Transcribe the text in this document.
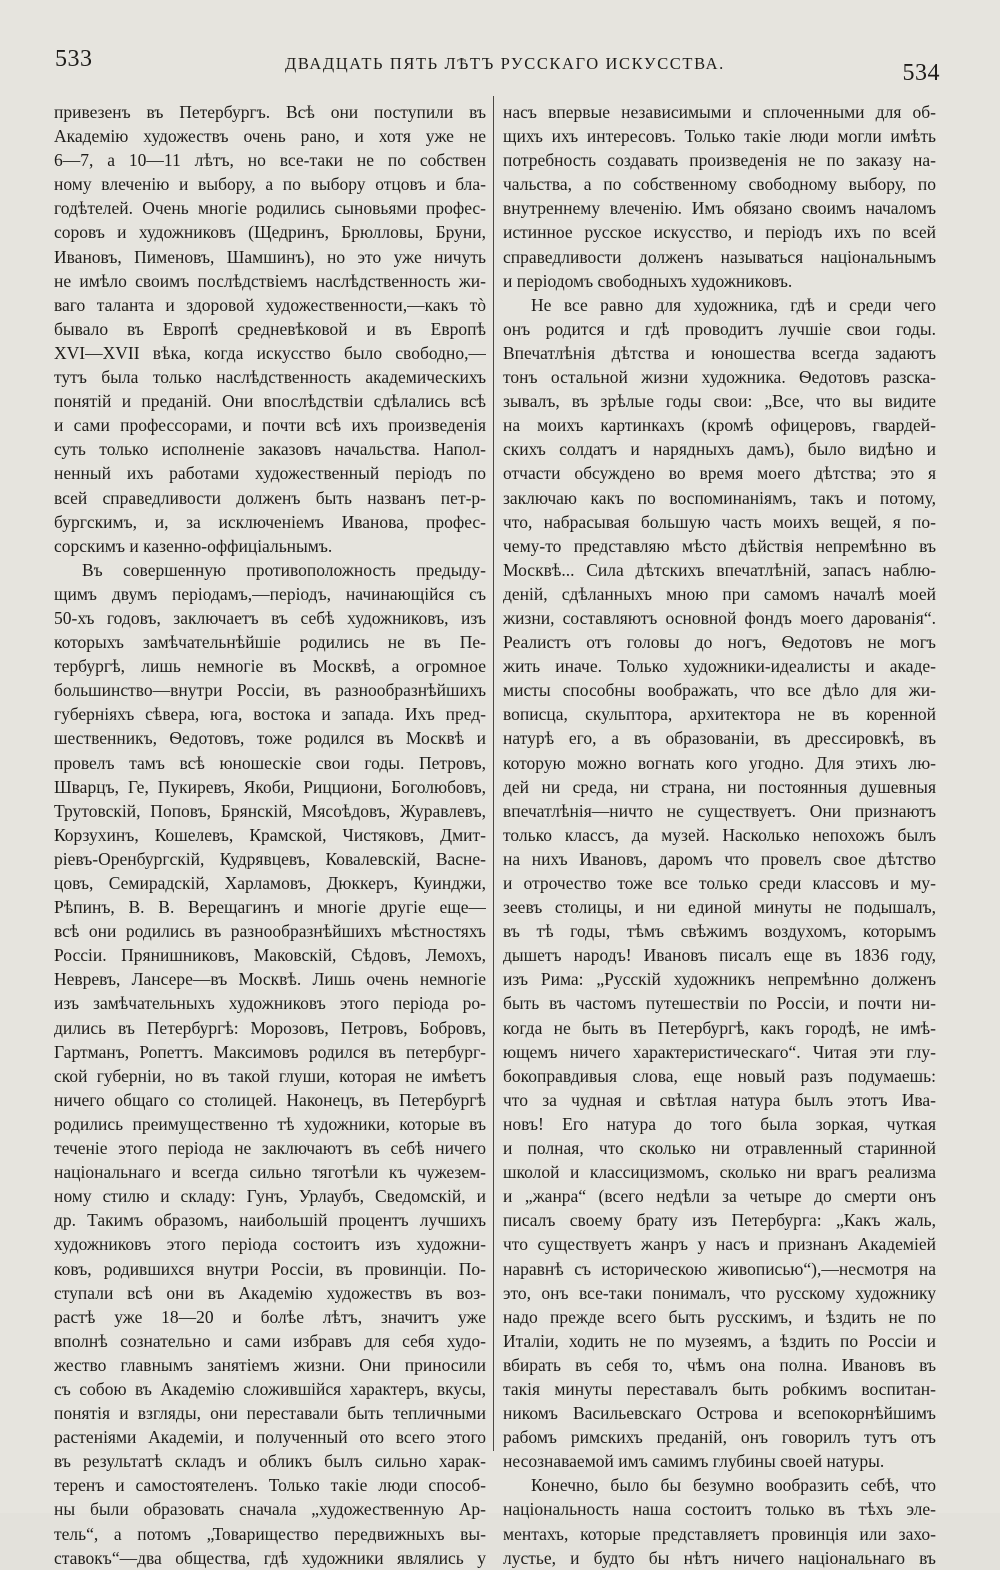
533	ДВАДЦАТЬ ПЯТЬ ЛѢТЪ РУССКАГО ИСКУССТВА.	534
привезенъ въ Петербургъ. Всѣ они поступили въ
Академію художествъ очень рано, и хотя уже не
6—7, а 10—11 лѣтъ, но все-таки не по собствен
ному влеченію и выбору, а по выбору отцовъ и бла-
годѣтелей. Очень многіе родились сыновьями профес-
соровъ и художниковъ (Щедринъ, Брюлловы, Бруни,
Ивановъ, Пименовъ, Шамшинъ), но это уже ничуть
не имѣло своимъ послѣдствіемъ наслѣдственность жи-
ваго таланта и здоровой художественности,—какъ тò
бывало въ Европѣ средневѣковой и въ Европѣ
XVI—XVII вѣка, когда искусство было свободно,—
тутъ была только наслѣдственность академическихъ
понятій и преданій. Они впослѣдствіи сдѣлались всѣ
и сами профессорами, и почти всѣ ихъ произведенія
суть только исполненіе заказовъ начальства. Напол-
ненный ихъ работами художественный періодъ по
всей справедливости долженъ быть названъ пет-р-
бургскимъ, и, за исключеніемъ Иванова, профес-
сорскимъ и казенно-оффиціальнымъ.
Въ совершенную противоположность предыду-
щимъ двумъ періодамъ,—періодъ, начинающійся съ
50-хъ годовъ, заключаетъ въ себѣ художниковъ, изъ
которыхъ замѣчательнѣйшіе родились не въ Пе-
тербургѣ, лишь немногіе въ Москвѣ, а огромное
большинство—внутри Россіи, въ разнообразнѣйшихъ
губерніяхъ сѣвера, юга, востока и запада. Ихъ пред-
шественникъ, Ѳедотовъ, тоже родился въ Москвѣ и
провелъ тамъ всѣ юношескіе свои годы. Петровъ,
Шварцъ, Ге, Пукиревъ, Якоби, Рицциони, Боголюбовъ,
Трутовскій, Поповъ, Брянскій, Мясоѣдовъ, Журавлевъ,
Корзухинъ, Кошелевъ, Крамской, Чистяковъ, Дмит-
ріевъ-Оренбургскій, Кудрявцевъ, Ковалевскій, Васне-
цовъ, Семирадскій, Харламовъ, Дюккеръ, Куинджи,
Рѣпинъ, В. В. Верещагинъ и многіе другіе еще—
всѣ они родились въ разнообразнѣйшихъ мѣстностяхъ
Россіи. Прянишниковъ, Маковскій, Сѣдовъ, Лемохъ,
Невревъ, Лансере—въ Москвѣ. Лишь очень немногіе
изъ замѣчательныхъ художниковъ этого періода ро-
дились въ Петербургѣ: Морозовъ, Петровъ, Бобровъ,
Гартманъ, Ропеттъ. Максимовъ родился въ петербург-
ской губерніи, но въ такой глуши, которая не имѣетъ
ничего общаго со столицей. Наконецъ, въ Петербургѣ
родились преимущественно тѣ художники, которые въ
теченіе этого періода не заключаютъ въ себѣ ничего
національнаго и всегда сильно тяготѣли къ чужезем-
ному стилю и складу: Гунъ, Урлаубъ, Сведомскій, и
др. Такимъ образомъ, наибольшій процентъ лучшихъ
художниковъ этого періода состоитъ изъ художни-
ковъ, родившихся внутри Россіи, въ провинціи. По-
ступали всѣ они въ Академію художествъ въ воз-
растѣ уже 18—20 и болѣе лѣтъ, значитъ уже
вполнѣ сознательно и сами избравъ для себя худо-
жество главнымъ занятіемъ жизни. Они приносили
съ собою въ Академію сложившійся характеръ, вкусы,
понятія и взгляды, они переставали быть тепличными
растеніями Академіи, и полученный ото всего этого
въ результатѣ складъ и обликъ былъ сильно харак-
теренъ и самостоятеленъ. Только такіе люди способ-
ны были образовать сначала „художественную Ар-
тель“, а потомъ „Товарищество передвижныхъ вы-
ставокъ“—два общества, гдѣ художники являлись у
насъ впервые независимыми и сплоченными для об-
щихъ ихъ интересовъ. Только такіе люди могли имѣть
потребность создавать произведенія не по заказу на-
чальства, а по собственному свободному выбору, по
внутреннему влеченію. Имъ обязано своимъ началомъ
истинное русское искусство, и періодъ ихъ по всей
справедливости долженъ называться національнымъ
и періодомъ свободныхъ художниковъ.
Не все равно для художника, гдѣ и среди чего
онъ родится и гдѣ проводитъ лучшіе свои годы.
Впечатлѣнія дѣтства и юношества всегда задаютъ
тонъ остальной жизни художника. Ѳедотовъ разска-
зывалъ, въ зрѣлые годы свои: „Все, что вы видите
на моихъ картинкахъ (кромѣ офицеровъ, гвардей-
скихъ солдатъ и нарядныхъ дамъ), было видѣно и
отчасти обсуждено во время моего дѣтства; это я
заключаю какъ по воспоминаніямъ, такъ и потому,
что, набрасывая большую часть моихъ вещей, я по-
чему-то представляю мѣсто дѣйствія непремѣнно въ
Москвѣ... Сила дѣтскихъ впечатлѣній, запасъ наблю-
деній, сдѣланныхъ мною при самомъ началѣ моей
жизни, составляютъ основной фондъ моего дарованія“.
Реалистъ отъ головы до ногъ, Ѳедотовъ не могъ
жить иначе. Только художники-идеалисты и акаде-
мисты способны воображать, что все дѣло для жи-
вописца, скульптора, архитектора не въ коренной
натурѣ его, а въ образованіи, въ дрессировкѣ, въ
которую можно вогнать кого угодно. Для этихъ лю-
дей ни среда, ни страна, ни постоянныя душевныя
впечатлѣнія—ничто не существуетъ. Они признаютъ
только классъ, да музей. Насколько непохожъ былъ
на нихъ Ивановъ, даромъ что провелъ свое дѣтство
и отрочество тоже все только среди классовъ и му-
зеевъ столицы, и ни единой минуты не подышалъ,
въ тѣ годы, тѣмъ свѣжимъ воздухомъ, которымъ
дышетъ народъ! Ивановъ писалъ еще въ 1836 году,
изъ Рима: „Русскій художникъ непремѣнно долженъ
быть въ частомъ путешествіи по Россіи, и почти ни-
когда не быть въ Петербургѣ, какъ городѣ, не имѣ-
ющемъ ничего характеристическаго“. Читая эти глу-
бокоправдивыя слова, еще новый разъ подумаешь:
что за чудная и свѣтлая натура былъ этотъ Ива-
новъ! Его натура до того была зоркая, чуткая
и полная, что сколько ни отравленный старинной
школой и классицизмомъ, сколько ни врагъ реализма
и „жанра“ (всего недѣли за четыре до смерти онъ
писалъ своему брату изъ Петербурга: „Какъ жаль,
что существуетъ жанръ у насъ и признанъ Академіей
наравнѣ съ историческою живописью“),—несмотря на
это, онъ все-таки понималъ, что русскому художнику
надо прежде всего быть русскимъ, и ѣздить не по
Италіи, ходить не по музеямъ, а ѣздить по Россіи и
вбирать въ себя то, чѣмъ она полна. Ивановъ въ
такія минуты переставалъ быть робкимъ воспитан-
никомъ Васильевскаго Острова и всепокорнѣйшимъ
рабомъ римскихъ преданій, онъ говорилъ тутъ отъ
несознаваемой имъ самимъ глубины своей натуры.
Конечно, было бы безумно вообразить себѣ, что
національность наша состоитъ только въ тѣхъ эле-
ментахъ, которые представляетъ провинція или захо-
лустье, и будто бы нѣтъ ничего національнаго въ
